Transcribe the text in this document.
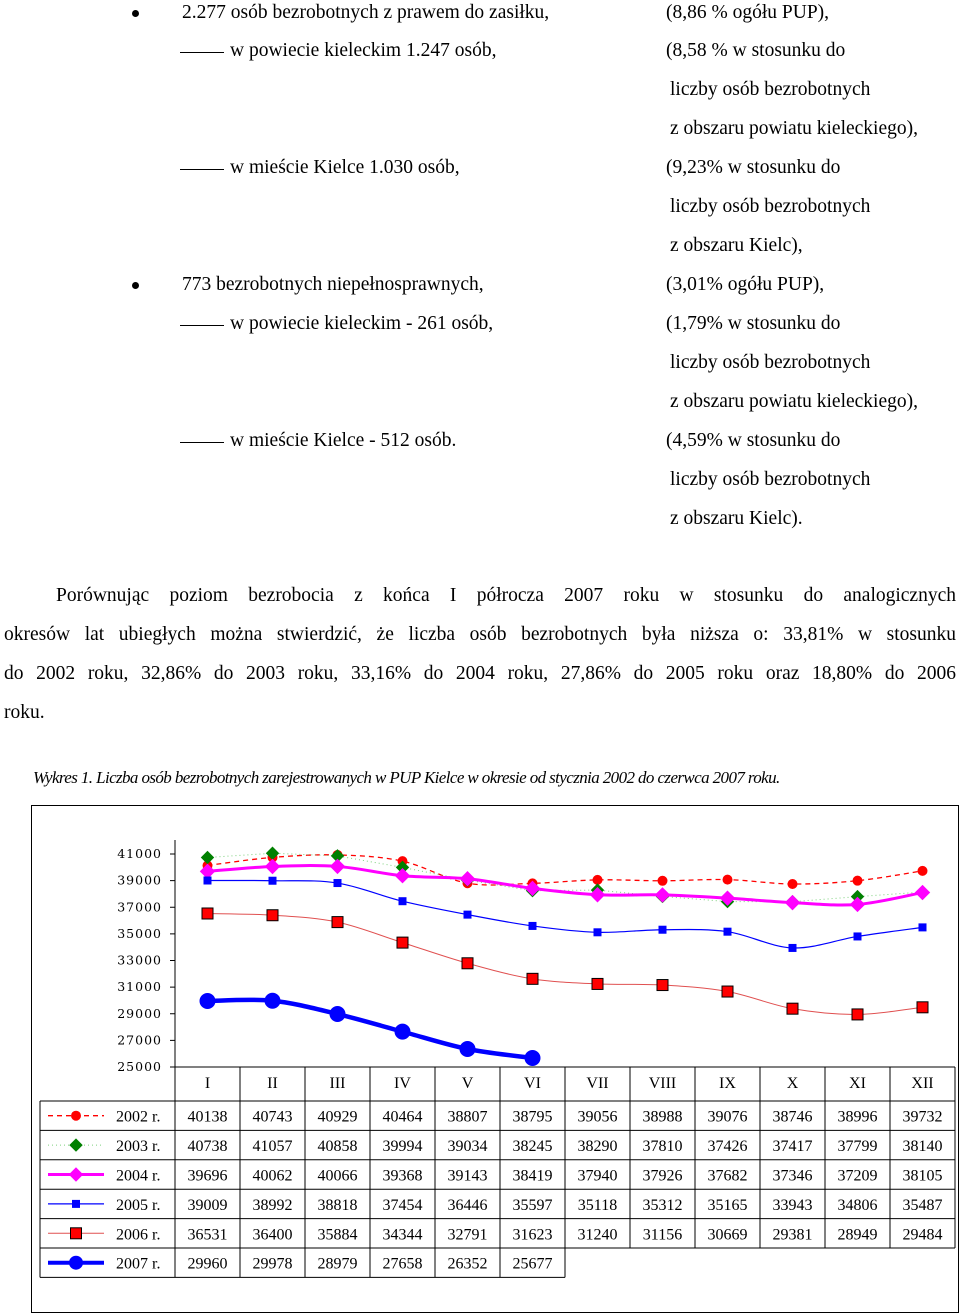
2.277 osób bezrobotnych z prawem do zasiłku,	(8,86 % ogółu PUP),
w powiecie kieleckim 1.247 osób,	(8,58 % w stosunku do
liczby osób bezrobotnych
z obszaru powiatu kieleckiego),
w mieście Kielce 1.030 osób,	(9,23% w stosunku do
liczby osób bezrobotnych
z obszaru Kielc),
773 bezrobotnych niepełnosprawnych,	(3,01% ogółu PUP),
w powiecie kieleckim - 261 osób,	(1,79% w stosunku do
liczby osób bezrobotnych
z obszaru powiatu kieleckiego),
w mieście Kielce - 512 osób.	(4,59% w stosunku do
liczby osób bezrobotnych
z obszaru Kielc).
Porównując poziom bezrobocia z końca I półrocza 2007 roku w stosunku do analogicznych
okresów lat ubiegłych można stwierdzić, że liczba osób bezrobotnych była niższa o: 33,81% w stosunku
do 2002 roku, 32,86% do 2003 roku, 33,16% do 2004 roku, 27,86% do 2005 roku oraz 18,80% do 2006
roku.
Wykres 1. Liczba osób bezrobotnych zarejestrowanych w PUP Kielce w okresie od stycznia 2002 do czerwca 2007 roku.
41000
39000
37000
35000
33000
31000
29000
27000
25000
I	II	III	IV	V	VI	VII	VIII	IX	X	XI	XII
2002 r. 40138 40743 40929 40464 38807 38795 39056 38988 39076 38746 38996 39732
2003 r. 40738 41057 40858 39994 39034 38245 38290 37810 37426 37417 37799 38140
2004 r. 39696 40062 40066 39368 39143 38419 37940 37926 37682 37346 37209 38105
2005 r. 39009 38992 38818 37454 36446 35597 35118 35312 35165 33943 34806 35487
2006 r. 36531 36400 35884 34344 32791 31623 31240 31156 30669 29381 28949 29484
2007 r. 29960 29978 28979 27658 26352 25677
